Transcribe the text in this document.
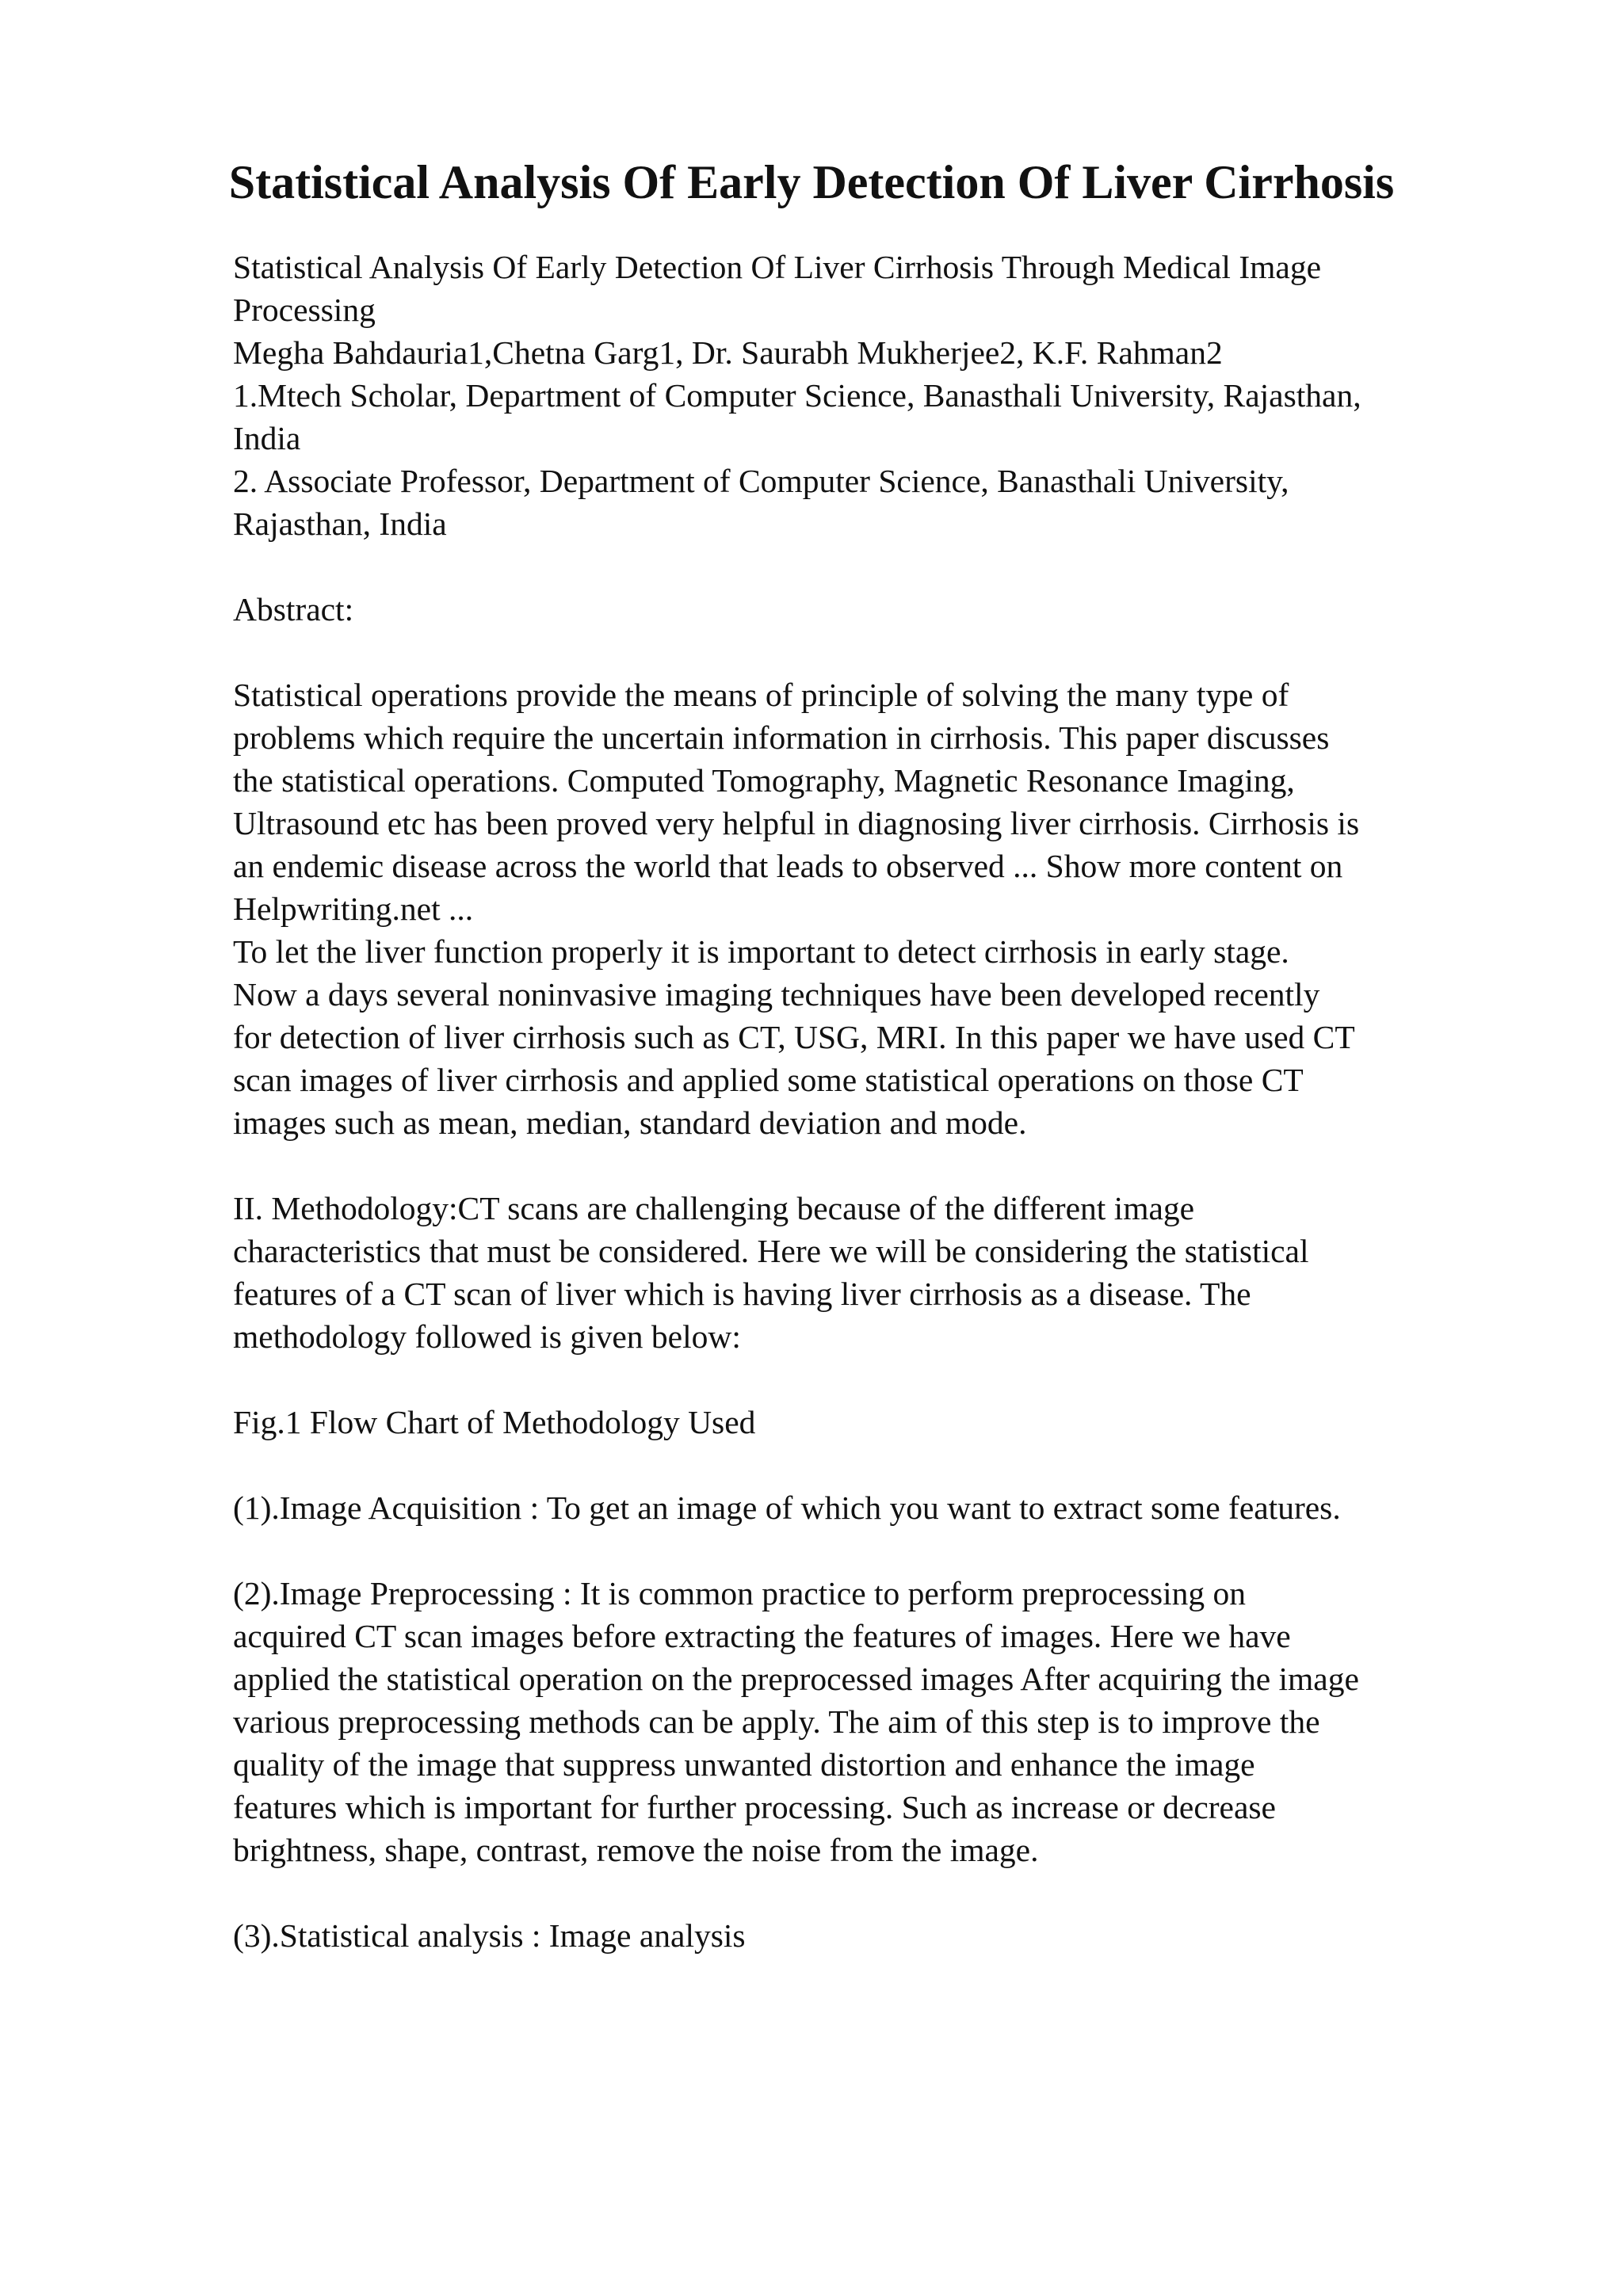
Statistical Analysis Of Early Detection Of Liver Cirrhosis

Statistical Analysis Of Early Detection Of Liver Cirrhosis Through Medical Image
Processing

Megha Bahdauria1,Chetna Garg1, Dr. Saurabh Mukherjee2, K.F. Rahman2

1.Mtech Scholar, Department of Computer Science, Banasthali University, Rajasthan,
India

2. Associate Professor, Department of Computer Science, Banasthali University,
Rajasthan, India

Abstract:

Statistical operations provide the means of principle of solving the many type of
problems which require the uncertain information in cirrhosis. This paper discusses
the statistical operations. Computed Tomography, Magnetic Resonance Imaging,
Ultrasound etc has been proved very helpful in diagnosing liver cirrhosis. Cirrhosis is
an endemic disease across the world that leads to observed ... Show more content on
Helpwriting.net ...
To let the liver function properly it is important to detect cirrhosis in early stage.
Now a days several noninvasive imaging techniques have been developed recently
for detection of liver cirrhosis such as CT, USG, MRI. In this paper we have used CT
scan images of liver cirrhosis and applied some statistical operations on those CT
images such as mean, median, standard deviation and mode.

II. Methodology:CT scans are challenging because of the different image
characteristics that must be considered. Here we will be considering the statistical
features of a CT scan of liver which is having liver cirrhosis as a disease. The
methodology followed is given below:

Fig.1 Flow Chart of Methodology Used

(1).Image Acquisition : To get an image of which you want to extract some features.

(2).Image Preprocessing : It is common practice to perform preprocessing on
acquired CT scan images before extracting the features of images. Here we have
applied the statistical operation on the preprocessed images After acquiring the image
various preprocessing methods can be apply. The aim of this step is to improve the
quality of the image that suppress unwanted distortion and enhance the image
features which is important for further processing. Such as increase or decrease
brightness, shape, contrast, remove the noise from the image.

(3).Statistical analysis : Image analysis
